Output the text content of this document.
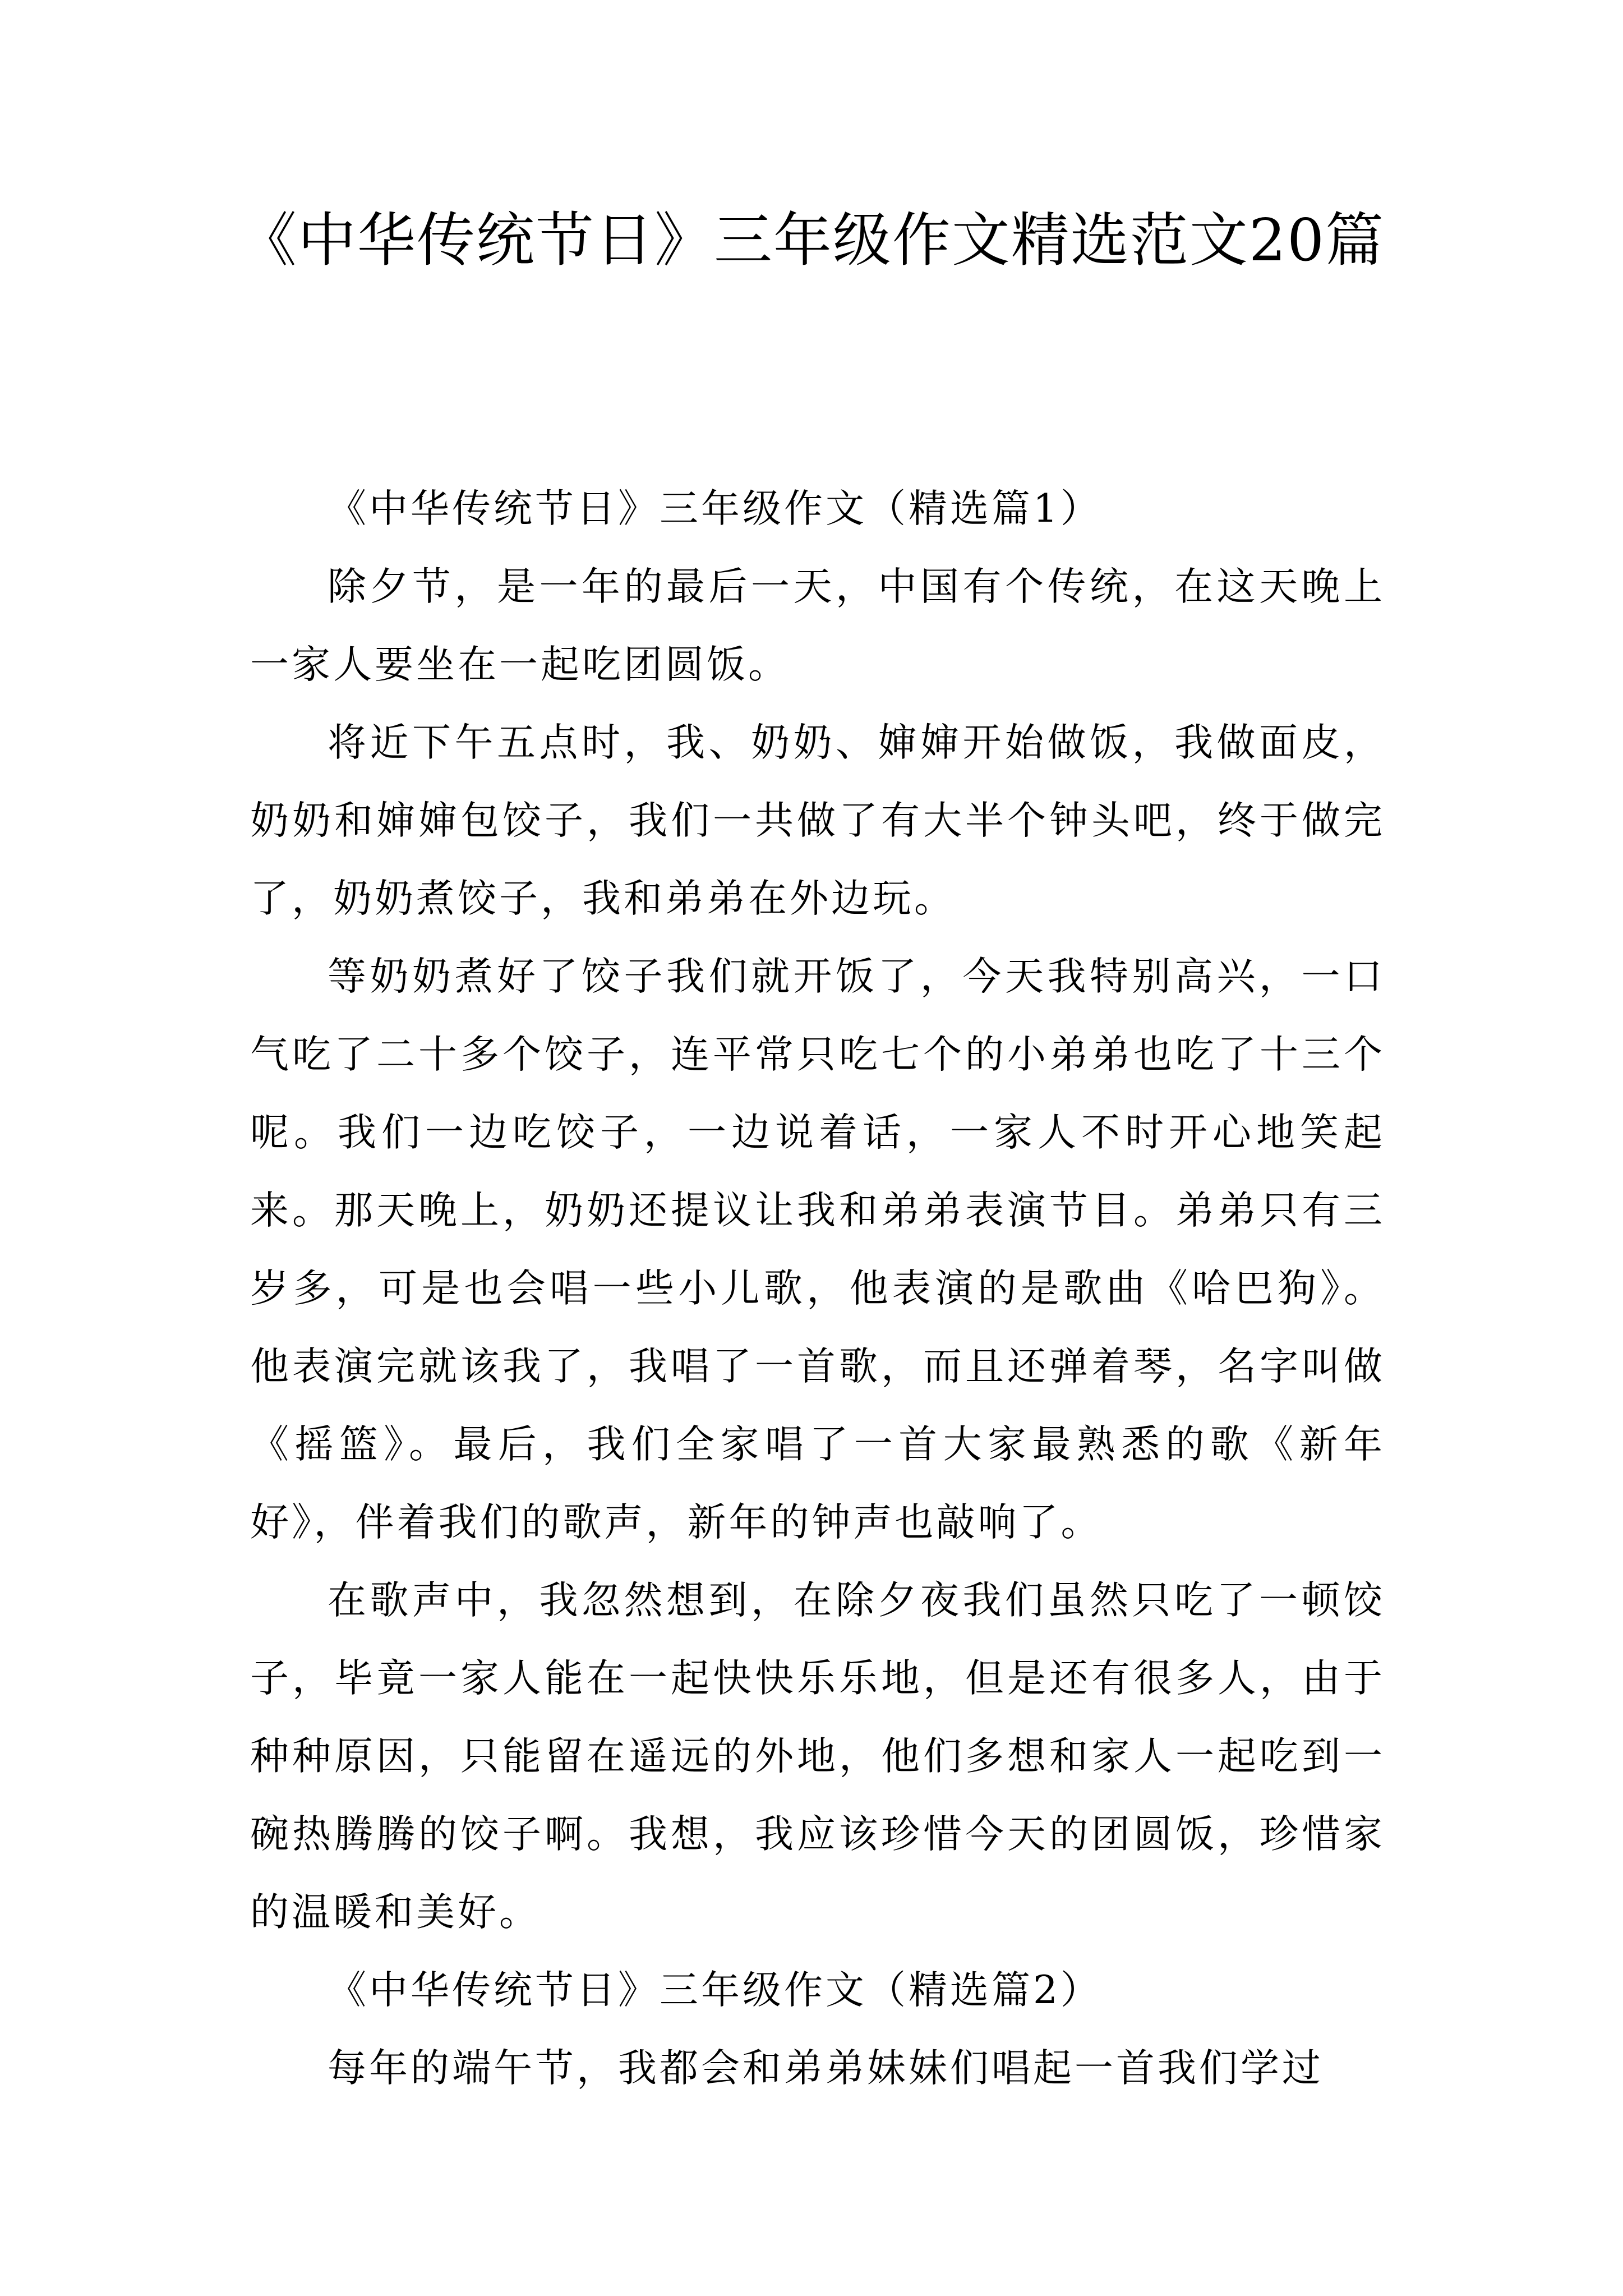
《中华传统节日》三年级作文精选范文20篇

《中华传统节日》三年级作文（精选篇1）

除夕节，是一年的最后一天，中国有个传统，在这天晚上一家人要坐在一起吃团圆饭。

将近下午五点时，我、奶奶、婶婶开始做饭，我做面皮，奶奶和婶婶包饺子，我们一共做了有大半个钟头吧，终于做完了，奶奶煮饺子，我和弟弟在外边玩。

等奶奶煮好了饺子我们就开饭了，今天我特别高兴，一口气吃了二十多个饺子，连平常只吃七个的小弟弟也吃了十三个呢。我们一边吃饺子，一边说着话，一家人不时开心地笑起来。那天晚上，奶奶还提议让我和弟弟表演节目。弟弟只有三岁多，可是也会唱一些小儿歌，他表演的是歌曲《哈巴狗》。他表演完就该我了，我唱了一首歌，而且还弹着琴，名字叫做《摇篮》。最后，我们全家唱了一首大家最熟悉的歌《新年好》，伴着我们的歌声，新年的钟声也敲响了。

在歌声中，我忽然想到，在除夕夜我们虽然只吃了一顿饺子，毕竟一家人能在一起快快乐乐地，但是还有很多人，由于种种原因，只能留在遥远的外地，他们多想和家人一起吃到一碗热腾腾的饺子啊。我想，我应该珍惜今天的团圆饭，珍惜家的温暖和美好。

《中华传统节日》三年级作文（精选篇2）

每年的端午节，我都会和弟弟妹妹们唱起一首我们学过
